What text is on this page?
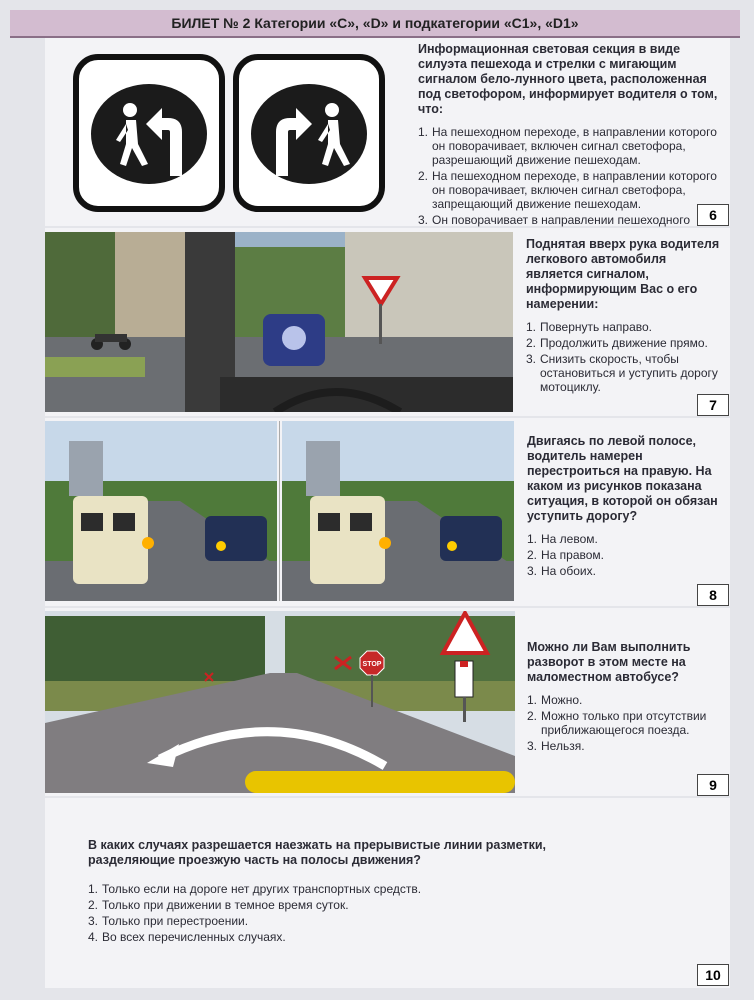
БИЛЕТ № 2 Категории «C», «D» и подкатегории «C1», «D1»

Информационная световая секция в виде силуэта пешехода и стрелки с мигающим сигналом бело-лунного цвета, расположенная под светофором, информирует водителя о том, что:

1. На пешеходном переходе, в направлении которого он поворачивает, включен сигнал светофора, разрешающий движение пешеходам.
2. На пешеходном переходе, в направлении которого он поворачивает, включен сигнал светофора, запрещающий движение пешеходам.
3. Он поворачивает в направлении пешеходного	6

Поднятая вверх рука водителя легкового автомобиля является сигналом, информирующим Вас о его намерении:

1. Повернуть направо.
2. Продолжить движение прямо.
3. Снизить скорость, чтобы остановиться и уступить дорогу мотоциклу.
7

Двигаясь по левой полосе, водитель намерен перестроиться на правую. На каком из рисунков показана ситуация, в которой он обязан уступить дорогу?

1. На левом.
2. На правом.
3. На обоих.
8
STOP

Можно ли Вам выполнить разворот в этом месте на маломестном автобусе?

1. Можно.
2. Можно только при отсутствии приближающегося поезда.
3. Нельзя.
9

В каких случаях разрешается наезжать на прерывистые линии разметки, разделяющие проезжую часть на полосы движения?

1. Только если на дороге нет других транспортных средств.
2. Только при движении в темное время суток.
3. Только при перестроении.
4. Во всех перечисленных случаях.
10
